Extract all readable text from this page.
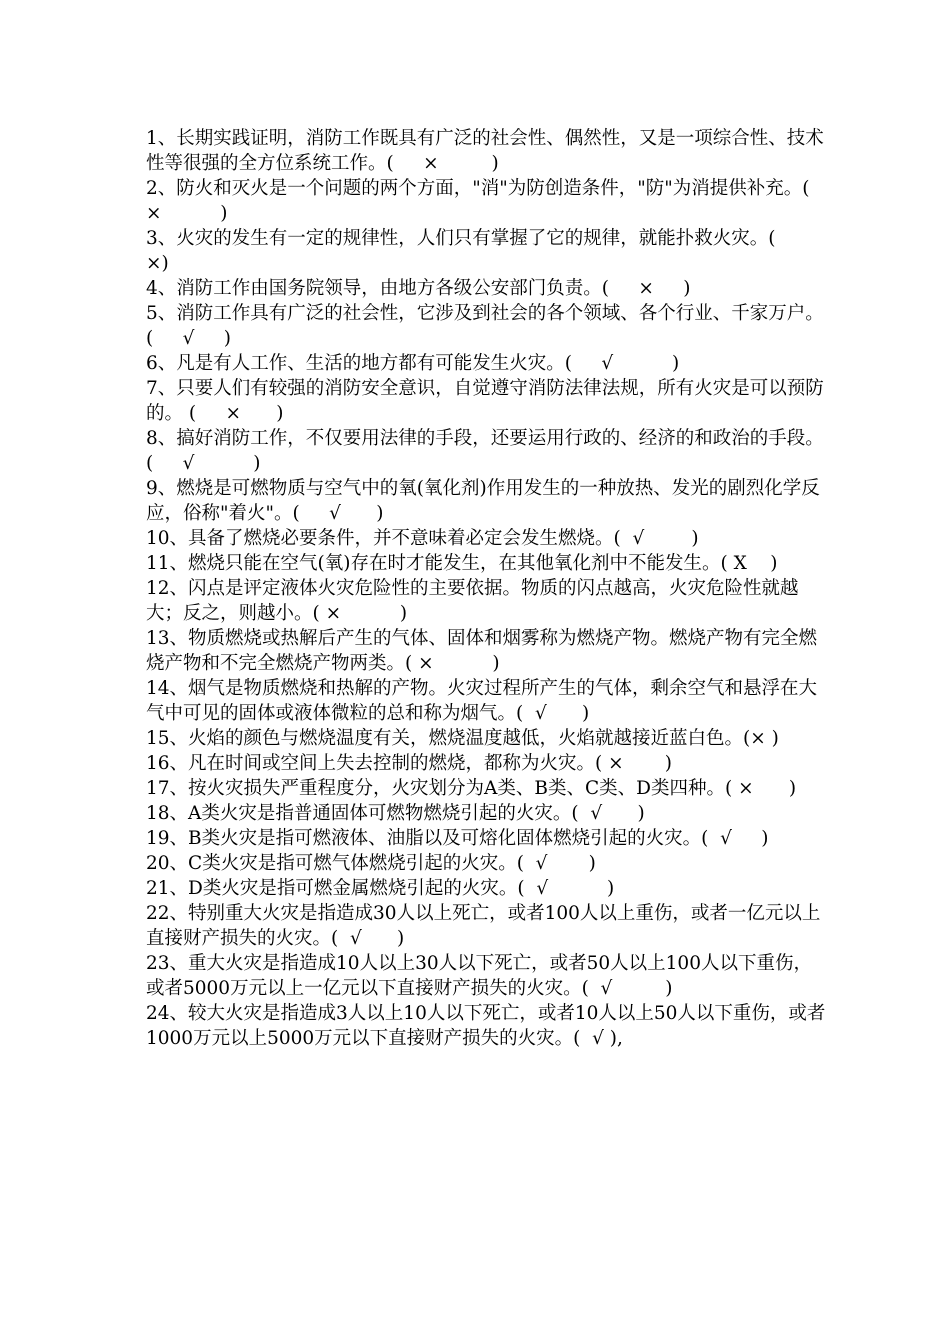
1、长期实践证明，消防工作既具有广泛的社会性、偶然性，又是一项综合性、技术性等很强的全方位系统工作。(     ×         )

2、防火和灭火是一个问题的两个方面，"消"为防创造条件，"防"为消提供补充。( ×          )

3、火灾的发生有一定的规律性，人们只有掌握了它的规律，就能扑救火灾。(     ×)

4、消防工作由国务院领导，由地方各级公安部门负责。(     ×     )

5、消防工作具有广泛的社会性，它涉及到社会的各个领域、各个行业、千家万户。(     √     )

6、凡是有人工作、生活的地方都有可能发生火灾。(     √          )

7、只要人们有较强的消防安全意识，自觉遵守消防法律法规，所有火灾是可以预防的。 (     ×      )

8、搞好消防工作，不仅要用法律的手段，还要运用行政的、经济的和政治的手段。(     √          )

9、燃烧是可燃物质与空气中的氧(氧化剂)作用发生的一种放热、发光的剧烈化学反应，俗称"着火"。(     √      )

10、具备了燃烧必要条件，并不意味着必定会发生燃烧。(  √        )

11、燃烧只能在空气(氧)存在时才能发生，在其他氧化剂中不能发生。( X    )

12、闪点是评定液体火灾危险性的主要依据。物质的闪点越高，火灾危险性就越大；反之，则越小。( ×          )

13、物质燃烧或热解后产生的气体、固体和烟雾称为燃烧产物。燃烧产物有完全燃烧产物和不完全燃烧产物两类。( ×          )

14、烟气是物质燃烧和热解的产物。火灾过程所产生的气体，剩余空气和悬浮在大气中可见的固体或液体微粒的总和称为烟气。(  √      )

15、火焰的颜色与燃烧温度有关，燃烧温度越低，火焰就越接近蓝白色。(× )

16、凡在时间或空间上失去控制的燃烧，都称为火灾。( ×       )

17、按火灾损失严重程度分，火灾划分为A类、B类、C类、D类四种。( ×      )

18、A类火灾是指普通固体可燃物燃烧引起的火灾。(  √      )

19、B类火灾是指可燃液体、油脂以及可熔化固体燃烧引起的火灾。(  √     )

20、C类火灾是指可燃气体燃烧引起的火灾。(  √       )

21、D类火灾是指可燃金属燃烧引起的火灾。(  √          )

22、特别重大火灾是指造成30人以上死亡，或者100人以上重伤，或者一亿元以上直接财产损失的火灾。(  √      )

23、重大火灾是指造成10人以上30人以下死亡，或者50人以上100人以下重伤，或者5000万元以上一亿元以下直接财产损失的火灾。(  √         )

24、较大火灾是指造成3人以上10人以下死亡，或者10人以上50人以下重伤，或者1000万元以上5000万元以下直接财产损失的火灾。(  √ ),
